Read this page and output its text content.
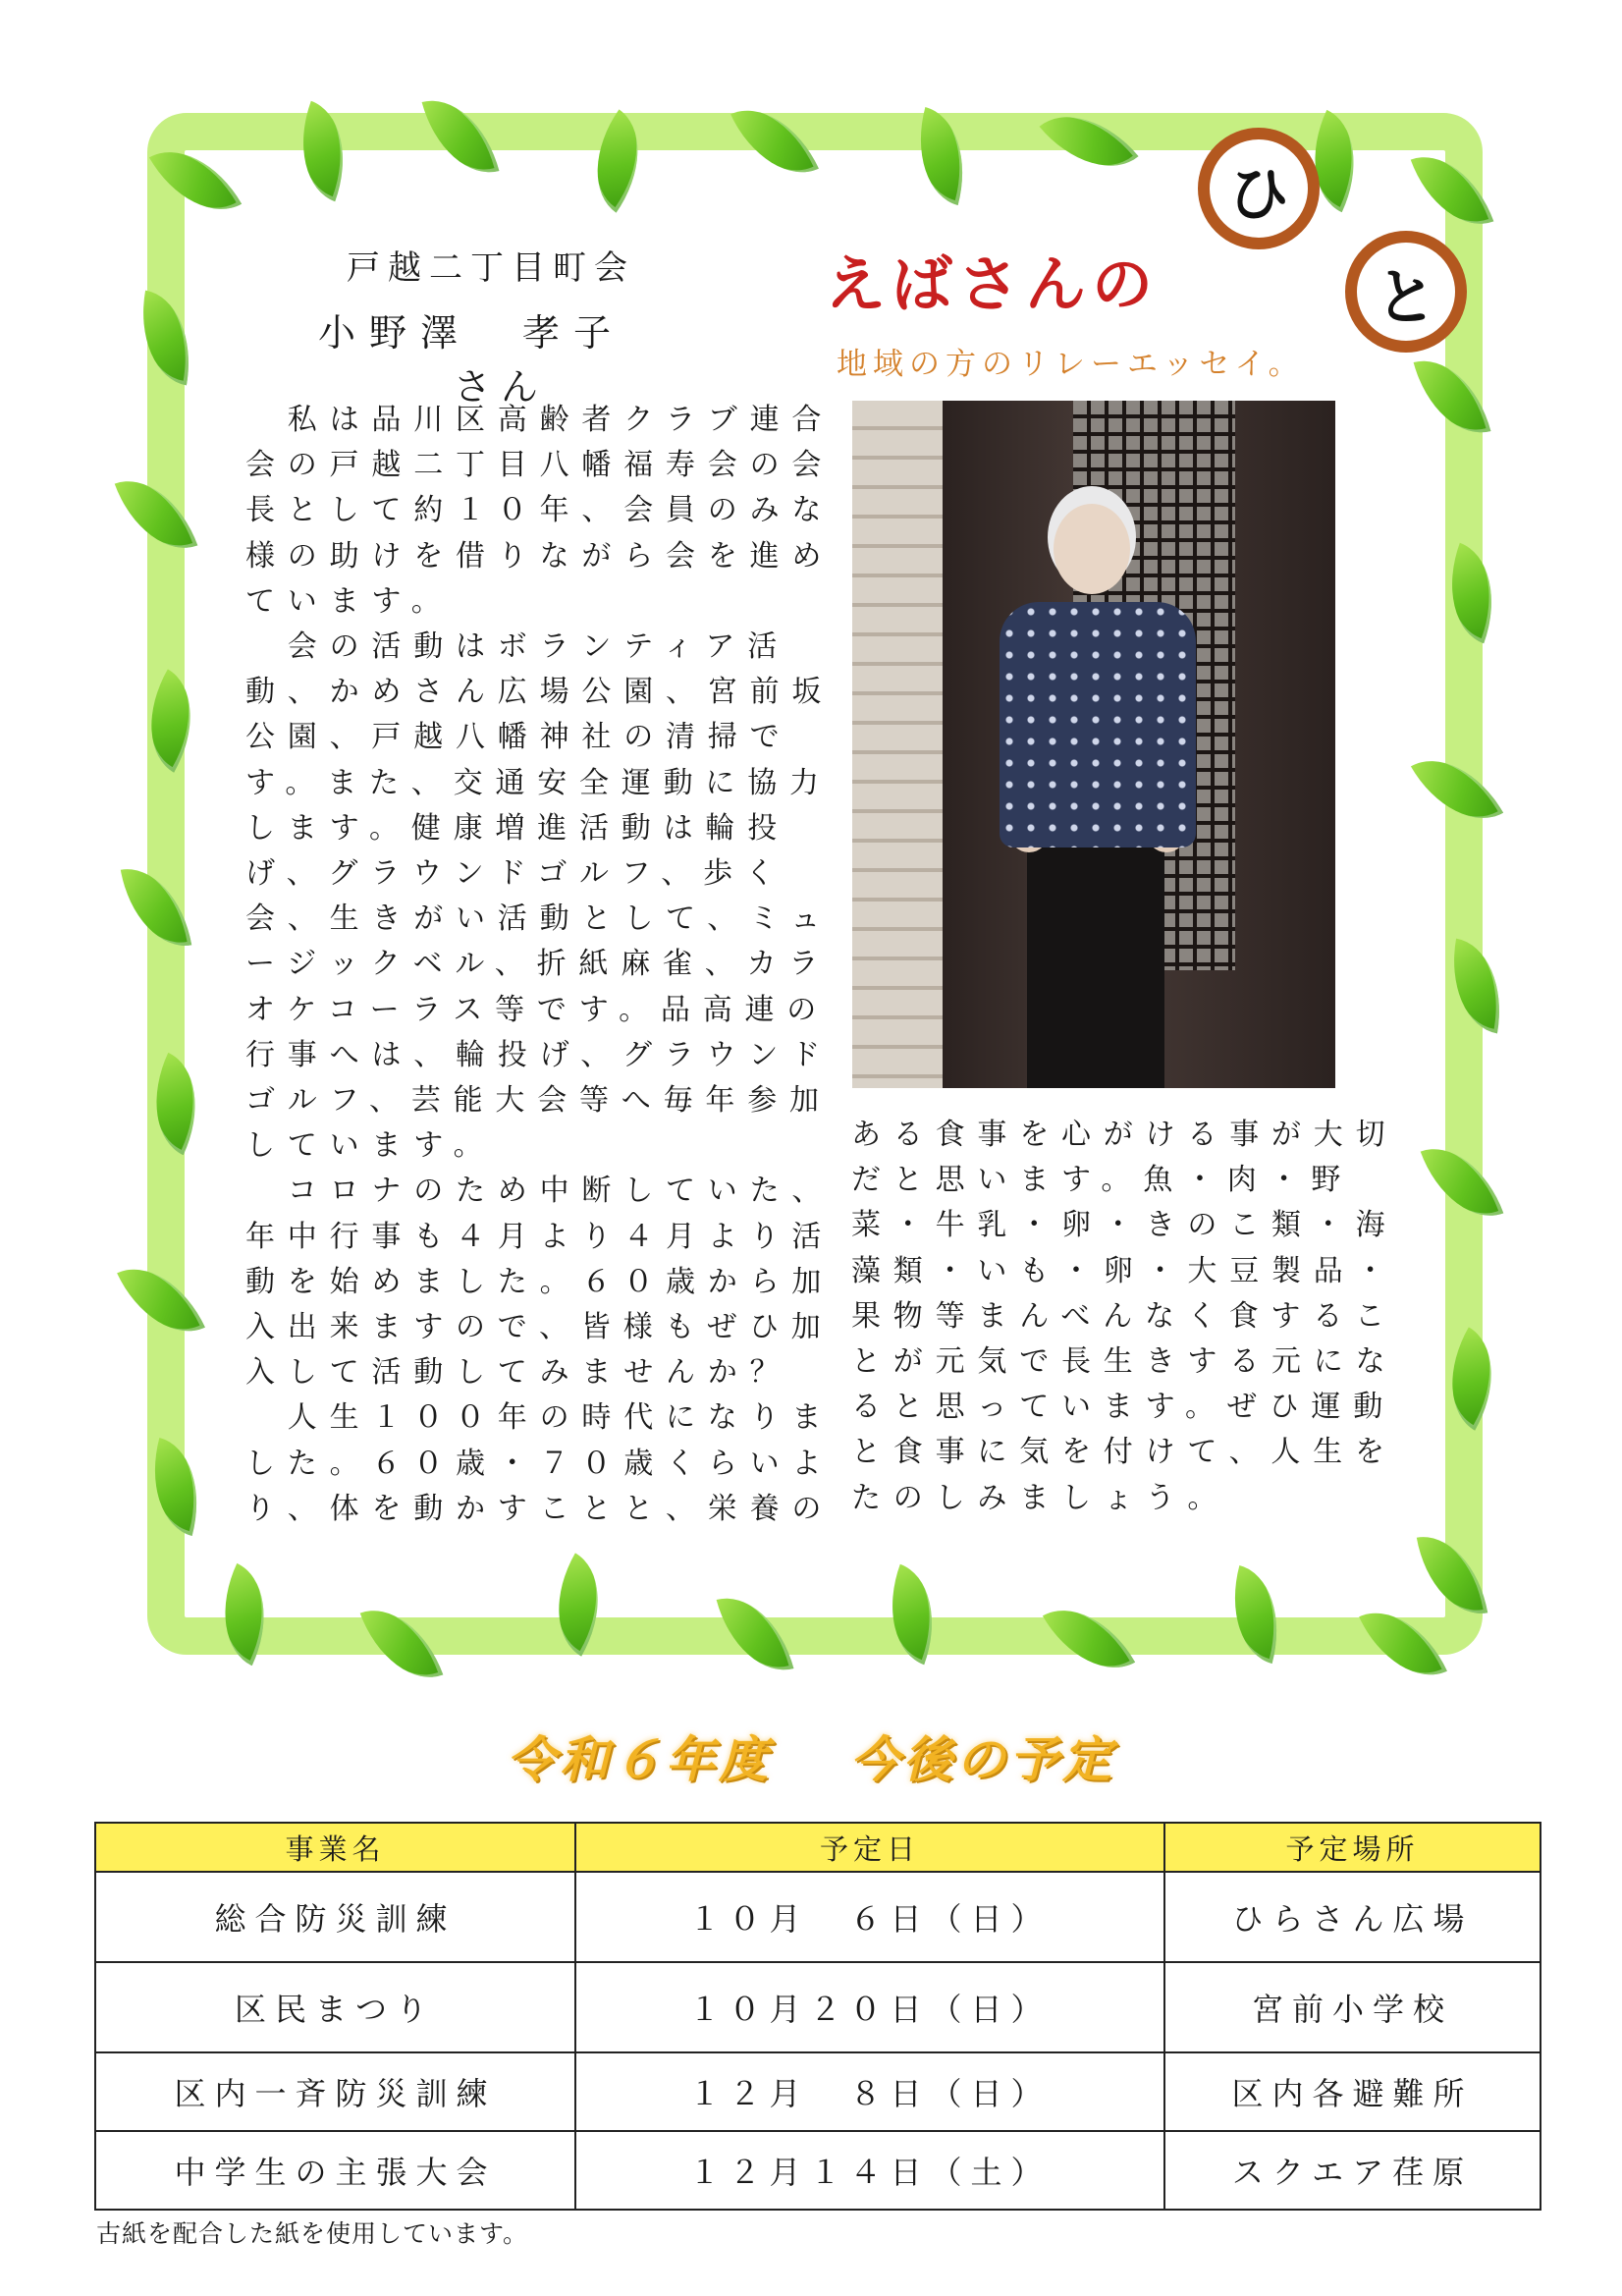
えばさんの
ひ
と
地域の方のリレーエッセイ。
戸越二丁目町会
小野澤　孝子さん
　私は品川区高齢者クラブ連合
会の戸越二丁目八幡福寿会の会
長として約１０年、会員のみな
様の助けを借りながら会を進め
ています。
　会の活動はボランティア活
動、かめさん広場公園、宮前坂
公園、戸越八幡神社の清掃で
す。また、交通安全運動に協力
します。健康増進活動は輪投
げ、グラウンドゴルフ、歩く
会、生きがい活動として、ミュ
ージックベル、折紙麻雀、カラ
オケコーラス等です。品高連の
行事へは、輪投げ、グラウンド
ゴルフ、芸能大会等へ毎年参加
しています。
　コロナのため中断していた、
年中行事も４月より４月より活
動を始めました。６０歳から加
入出来ますので、皆様もぜひ加
入して活動してみませんか？
　人生１００年の時代になりま
した。６０歳・７０歳くらいよ
り、体を動かすことと、栄養の
ある食事を心がける事が大切
だと思います。魚・肉・野
菜・牛乳・卵・きのこ類・海
藻類・いも・卵・大豆製品・
果物等まんべんなく食するこ
とが元気で長生きする元にな
ると思っています。ぜひ運動
と食事に気を付けて、人生を
たのしみましょう。
令和６年度 今後の予定
事業名	予定日	予定場所
総合防災訓練	１０月　６日（日）	ひらさん広場
区民まつり	１０月２０日（日）	宮前小学校
区内一斉防災訓練	１２月　８日（日）	区内各避難所
中学生の主張大会	１２月１４日（土）	スクエア荏原
古紙を配合した紙を使用しています。
